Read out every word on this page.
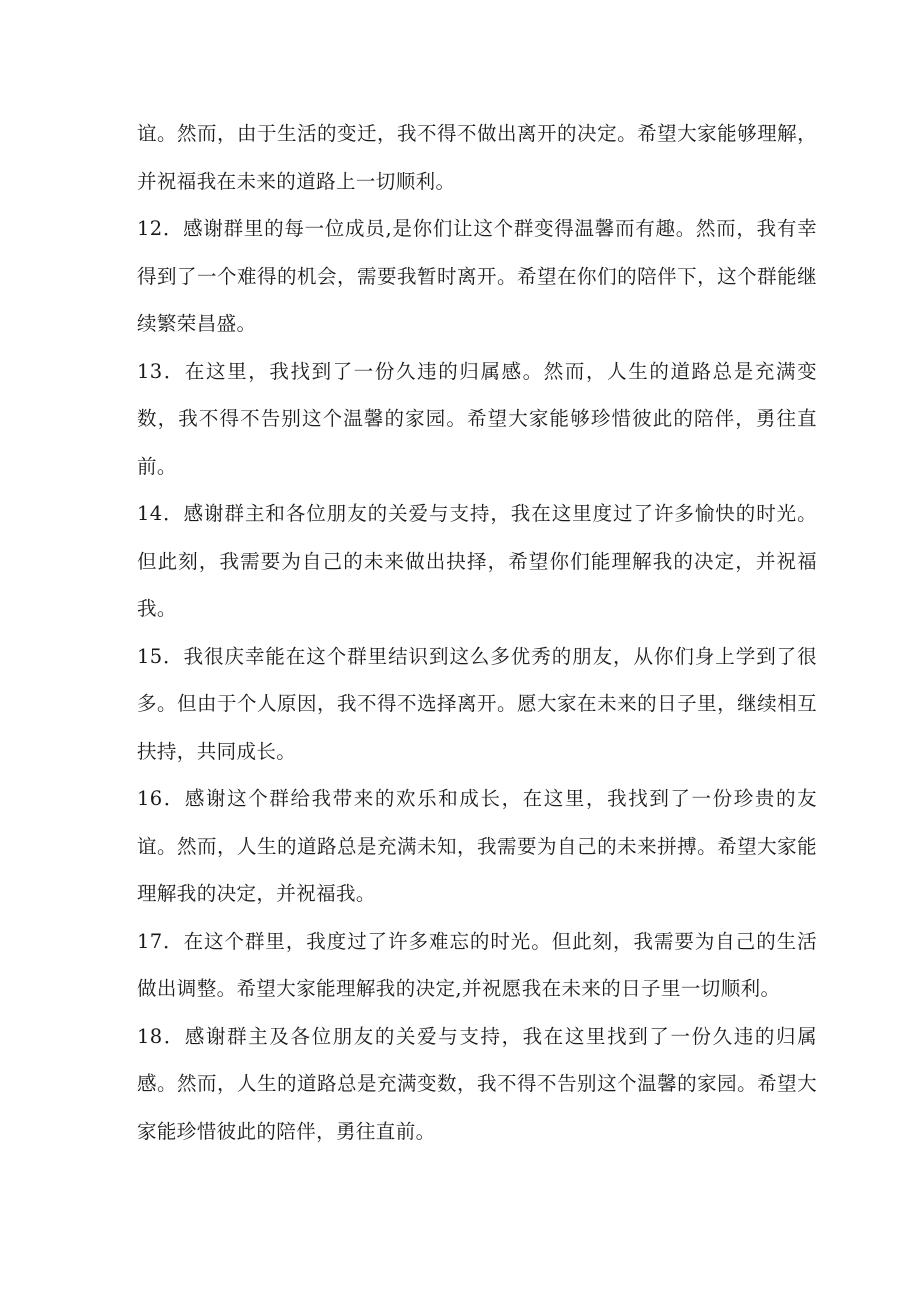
谊。然而，由于生活的变迁，我不得不做出离开的决定。希望大家能够理解，并祝福我在未来的道路上一切顺利。

12．感谢群里的每一位成员,是你们让这个群变得温馨而有趣。然而，我有幸得到了一个难得的机会，需要我暂时离开。希望在你们的陪伴下，这个群能继续繁荣昌盛。

13．在这里，我找到了一份久违的归属感。然而，人生的道路总是充满变数，我不得不告别这个温馨的家园。希望大家能够珍惜彼此的陪伴，勇往直前。

14．感谢群主和各位朋友的关爱与支持，我在这里度过了许多愉快的时光。但此刻，我需要为自己的未来做出抉择，希望你们能理解我的决定，并祝福我。

15．我很庆幸能在这个群里结识到这么多优秀的朋友，从你们身上学到了很多。但由于个人原因，我不得不选择离开。愿大家在未来的日子里，继续相互扶持，共同成长。

16．感谢这个群给我带来的欢乐和成长，在这里，我找到了一份珍贵的友谊。然而，人生的道路总是充满未知，我需要为自己的未来拼搏。希望大家能理解我的决定，并祝福我。

17．在这个群里，我度过了许多难忘的时光。但此刻，我需要为自己的生活做出调整。希望大家能理解我的决定,并祝愿我在未来的日子里一切顺利。

18．感谢群主及各位朋友的关爱与支持，我在这里找到了一份久违的归属感。然而，人生的道路总是充满变数，我不得不告别这个温馨的家园。希望大家能珍惜彼此的陪伴，勇往直前。
